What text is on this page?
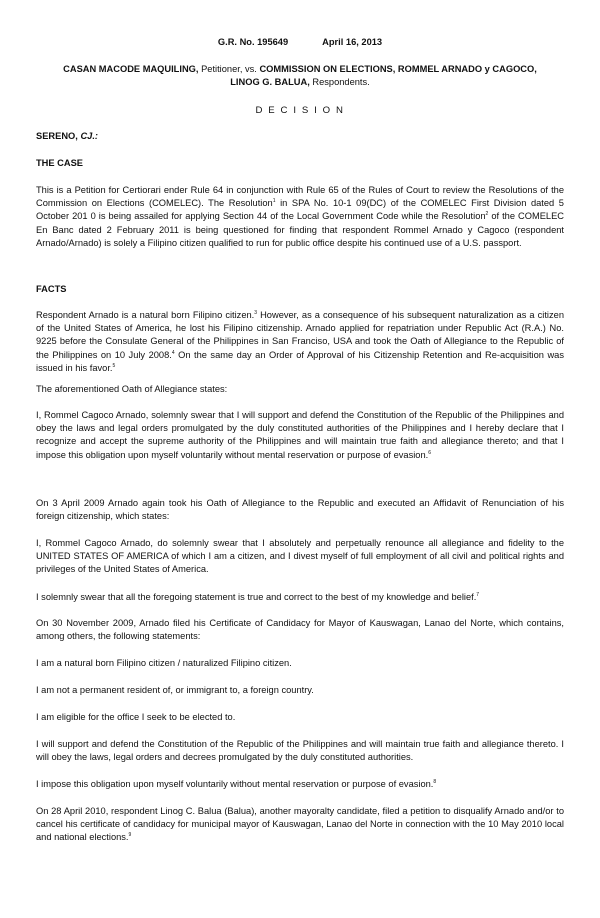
G.R. No. 195649	April 16, 2013
CASAN MACODE MAQUILING, Petitioner, vs. COMMISSION ON ELECTIONS, ROMMEL ARNADO y CAGOCO,
LINOG G. BALUA, Respondents.
D E C I S I O N
SERENO, CJ.:
THE CASE
This is a Petition for Certiorari ender Rule 64 in conjunction with Rule 65 of the Rules of Court to review the Resolutions of the Commission on Elections (COMELEC). The Resolution$^1$ in SPA No. 10-1 09(DC) of the COMELEC First Division dated 5 October 201 0 is being assailed for applying Section 44 of the Local Government Code while the Resolution$^2$ of the COMELEC En Banc dated 2 February 2011 is being questioned for finding that respondent Rommel Arnado y Cagoco (respondent Arnado/Arnado) is solely a Filipino citizen qualified to run for public office despite his continued use of a U.S. passport.
FACTS
Respondent Arnado is a natural born Filipino citizen.$^3$ However, as a consequence of his subsequent naturalization as a citizen of the United States of America, he lost his Filipino citizenship. Arnado applied for repatriation under Republic Act (R.A.) No. 9225 before the Consulate General of the Philippines in San Franciso, USA and took the Oath of Allegiance to the Republic of the Philippines on 10 July 2008.$^4$ On the same day an Order of Approval of his Citizenship Retention and Re-acquisition was issued in his favor.$^5$
The aforementioned Oath of Allegiance states:
I, Rommel Cagoco Arnado, solemnly swear that I will support and defend the Constitution of the Republic of the Philippines and obey the laws and legal orders promulgated by the duly constituted authorities of the Philippines and I hereby declare that I recognize and accept the supreme authority of the Philippines and will maintain true faith and allegiance thereto; and that I impose this obligation upon myself voluntarily without mental reservation or purpose of evasion.$^6$
On 3 April 2009 Arnado again took his Oath of Allegiance to the Republic and executed an Affidavit of Renunciation of his foreign citizenship, which states:
I, Rommel Cagoco Arnado, do solemnly swear that I absolutely and perpetually renounce all allegiance and fidelity to the UNITED STATES OF AMERICA of which I am a citizen, and I divest myself of full employment of all civil and political rights and privileges of the United States of America.
I solemnly swear that all the foregoing statement is true and correct to the best of my knowledge and belief.$^7$
On 30 November 2009, Arnado filed his Certificate of Candidacy for Mayor of Kauswagan, Lanao del Norte, which contains, among others, the following statements:
I am a natural born Filipino citizen / naturalized Filipino citizen.
I am not a permanent resident of, or immigrant to, a foreign country.
I am eligible for the office I seek to be elected to.
I will support and defend the Constitution of the Republic of the Philippines and will maintain true faith and allegiance thereto. I will obey the laws, legal orders and decrees promulgated by the duly constituted authorities.
I impose this obligation upon myself voluntarily without mental reservation or purpose of evasion.$^8$
On 28 April 2010, respondent Linog C. Balua (Balua), another mayoralty candidate, filed a petition to disqualify Arnado and/or to cancel his certificate of candidacy for municipal mayor of Kauswagan, Lanao del Norte in connection with the 10 May 2010 local and national elections.$^9$
